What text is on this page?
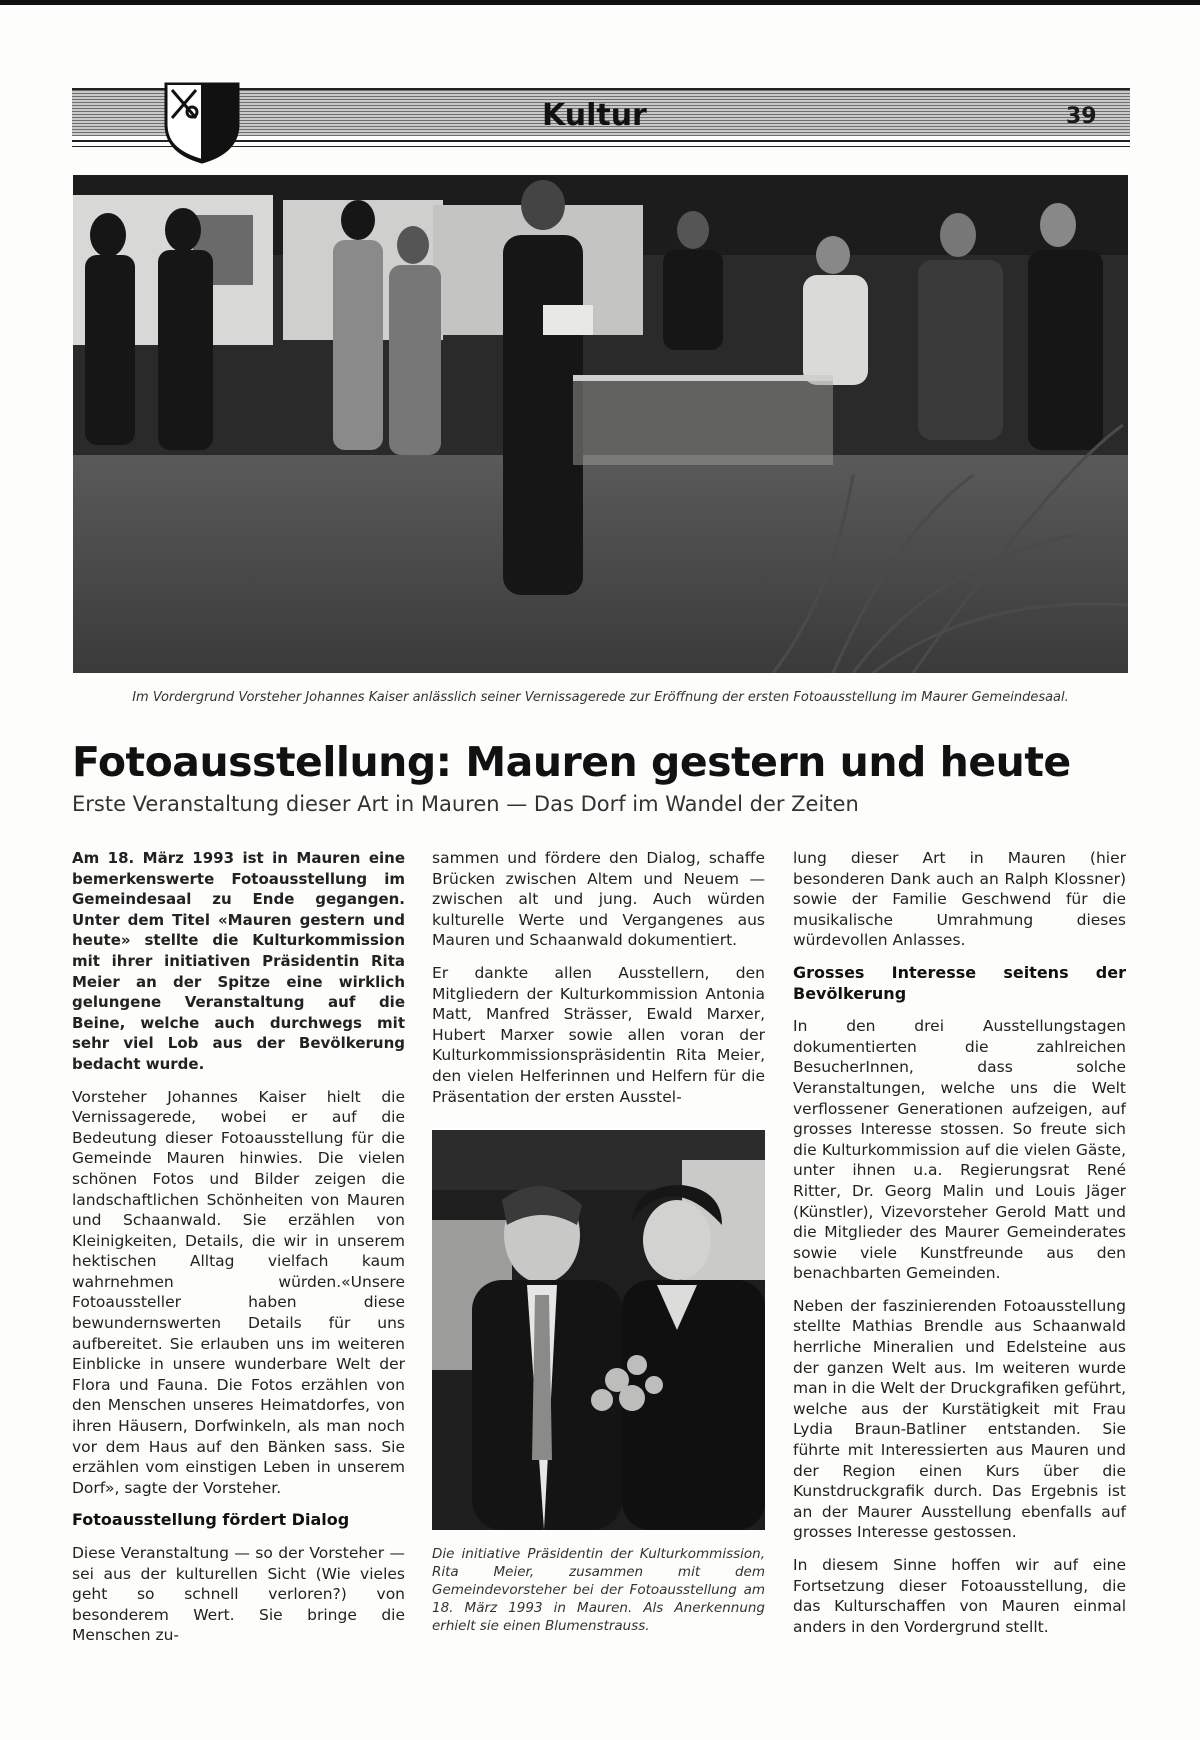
Kultur	39

Im Vordergrund Vorsteher Johannes Kaiser anlässlich seiner Vernissagerede zur Eröffnung der ersten Fotoausstellung im Maurer Gemeindesaal.

Fotoausstellung: Mauren gestern und heute

Erste Veranstaltung dieser Art in Mauren — Das Dorf im Wandel der Zeiten

Am 18. März 1993 ist in Mauren eine bemerkenswerte Fotoausstellung im Gemeindesaal zu Ende gegangen. Unter dem Titel «Mauren gestern und heute» stellte die Kulturkommission mit ihrer initiativen Präsidentin Rita Meier an der Spitze eine wirklich gelungene Veranstaltung auf die Beine, welche auch durchwegs mit sehr viel Lob aus der Bevölkerung bedacht wurde.

Vorsteher Johannes Kaiser hielt die Vernissagerede, wobei er auf die Bedeutung dieser Fotoausstellung für die Gemeinde Mauren hinwies. Die vielen schönen Fotos und Bilder zeigen die landschaftlichen Schönheiten von Mauren und Schaanwald. Sie erzählen von Kleinigkeiten, Details, die wir in unserem hektischen Alltag vielfach kaum wahrnehmen würden.«Unsere Fotoaussteller haben diese bewundernswerten Details für uns aufbereitet. Sie erlauben uns im weiteren Einblicke in unsere wunderbare Welt der Flora und Fauna. Die Fotos erzählen von den Menschen unseres Heimatdorfes, von ihren Häusern, Dorfwinkeln, als man noch vor dem Haus auf den Bänken sass. Sie erzählen vom einstigen Leben in unserem Dorf», sagte der Vorsteher.

Fotoausstellung fördert Dialog

Diese Veranstaltung — so der Vorsteher — sei aus der kulturellen Sicht (Wie vieles geht so schnell verloren?) von besonderem Wert. Sie bringe die Menschen zu-

sammen und fördere den Dialog, schaffe Brücken zwischen Altem und Neuem — zwischen alt und jung. Auch würden kulturelle Werte und Vergangenes aus Mauren und Schaanwald dokumentiert.

Er dankte allen Ausstellern, den Mitgliedern der Kulturkommission Antonia Matt, Manfred Strässer, Ewald Marxer, Hubert Marxer sowie allen voran der Kulturkommissionspräsidentin Rita Meier, den vielen Helferinnen und Helfern für die Präsentation der ersten Ausstel-

Die initiative Präsidentin der Kulturkommission, Rita Meier, zusammen mit dem Gemeindevorsteher bei der Fotoausstellung am 18. März 1993 in Mauren. Als Anerkennung erhielt sie einen Blumenstrauss.

lung dieser Art in Mauren (hier besonderen Dank auch an Ralph Klossner) sowie der Familie Geschwend für die musikalische Umrahmung dieses würdevollen Anlasses.

Grosses Interesse seitens der Bevölkerung

In den drei Ausstellungstagen dokumentierten die zahlreichen BesucherInnen, dass solche Veranstaltungen, welche uns die Welt verflossener Generationen aufzeigen, auf grosses Interesse stossen. So freute sich die Kulturkommission auf die vielen Gäste, unter ihnen u.a. Regierungsrat René Ritter, Dr. Georg Malin und Louis Jäger (Künstler), Vizevorsteher Gerold Matt und die Mitglieder des Maurer Gemeinderates sowie viele Kunstfreunde aus den benachbarten Gemeinden.

Neben der faszinierenden Fotoausstellung stellte Mathias Brendle aus Schaanwald herrliche Mineralien und Edelsteine aus der ganzen Welt aus. Im weiteren wurde man in die Welt der Druckgrafiken geführt, welche aus der Kurstätigkeit mit Frau Lydia Braun-Batliner entstanden. Sie führte mit Interessierten aus Mauren und der Region einen Kurs über die Kunstdruckgrafik durch. Das Ergebnis ist an der Maurer Ausstellung ebenfalls auf grosses Interesse gestossen.

In diesem Sinne hoffen wir auf eine Fortsetzung dieser Fotoausstellung, die das Kulturschaffen von Mauren einmal anders in den Vordergrund stellt.
